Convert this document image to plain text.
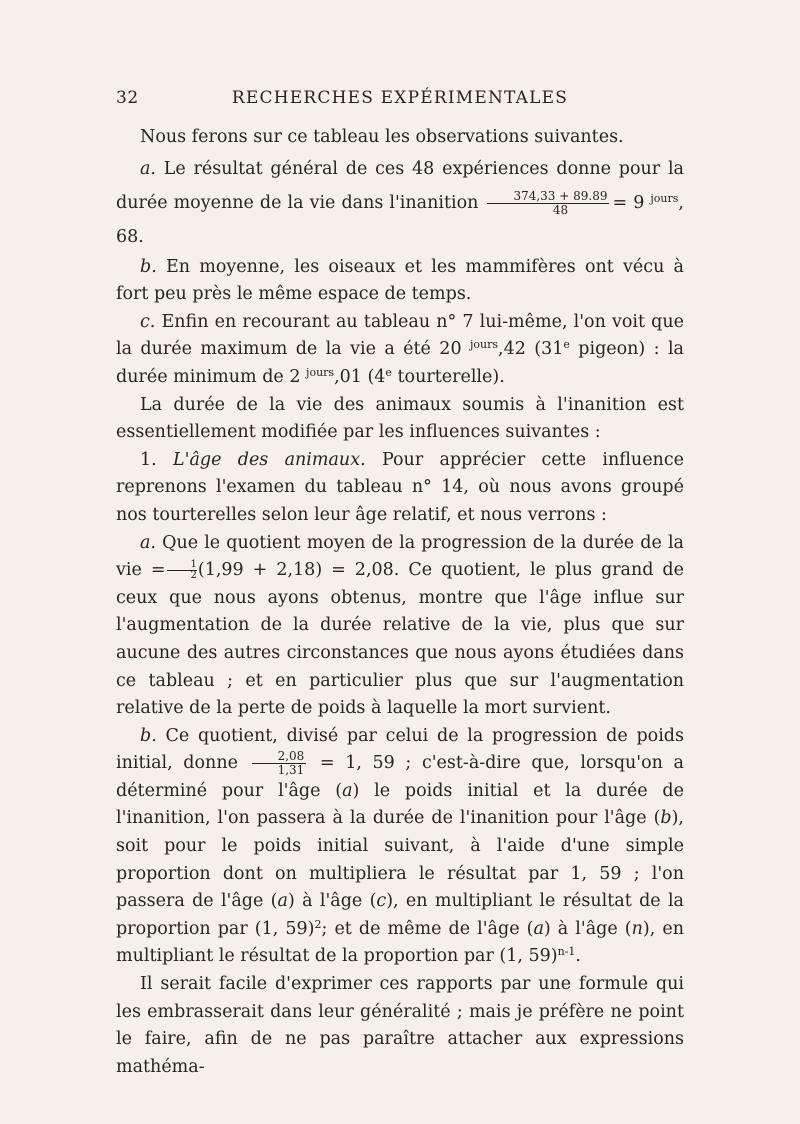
32	RECHERCHES EXPÉRIMENTALES

Nous ferons sur ce tableau les observations suivantes.

a. Le résultat général de ces 48 expériences donne pour la durée moyenne de la vie dans l'inanition $\frac{374,33 + 89.89}{48} = 9$ $^{jours}$, 68.

b. En moyenne, les oiseaux et les mammifères ont vécu à fort peu près le même espace de temps.

c. Enfin en recourant au tableau n° 7 lui-même, l'on voit que la durée maximum de la vie a été 20 $^{jours}$,42 (31e pigeon) : la durée minimum de 2 $^{jours}$,01 (4e tourterelle).

La durée de la vie des animaux soumis à l'inanition est essentiellement modifiée par les influences suivantes :

1. L'âge des animaux. Pour apprécier cette influence reprenons l'examen du tableau n° 14, où nous avons groupé nos tourterelles selon leur âge relatif, et nous verrons :

a. Que le quotient moyen de la progression de la durée de la vie = $\frac{1}{2} (1,99 + 2,18) = 2,08$. Ce quotient, le plus grand de ceux que nous ayons obtenus, montre que l'âge influe sur l'augmentation de la durée relative de la vie, plus que sur aucune des autres circonstances que nous ayons étudiées dans ce tableau ; et en particulier plus que sur l'augmentation relative de la perte de poids à laquelle la mort survient.

b. Ce quotient, divisé par celui de la progression de poids initial, donne $\frac{2,08}{1,31} = 1$, 59 ; c'est-à-dire que, lorsqu'on a déterminé pour l'âge (a) le poids initial et la durée de l'inanition, l'on passera à la durée de l'inanition pour l'âge (b), soit pour le poids initial suivant, à l'aide d'une simple proportion dont on multipliera le résultat par 1, 59 ; l'on passera de l'âge (a) à l'âge (c), en multipliant le résultat de la proportion par (1, 59)$^2$; et de même de l'âge (a) à l'âge (n), en multipliant le résultat de la proportion par (1, 59)$^{n-1}$.

Il serait facile d'exprimer ces rapports par une formule qui les embrasserait dans leur généralité ; mais je préfère ne point le faire, afin de ne pas paraître attacher aux expressions mathéma-
